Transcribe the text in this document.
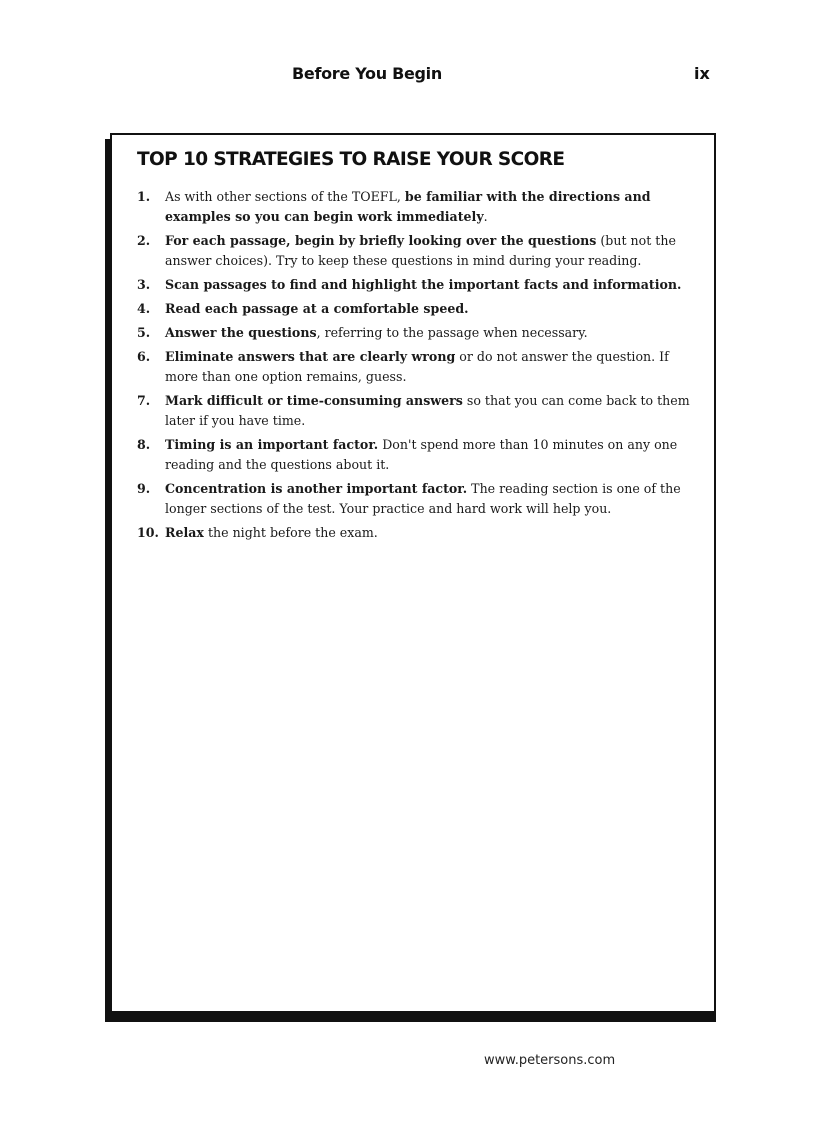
Before You Begin	ix
TOP 10 STRATEGIES TO RAISE YOUR SCORE
1.	As with other sections of the TOEFL, be familiar with the directions and examples so you can begin work immediately.
2.	For each passage, begin by briefly looking over the questions (but not the answer choices). Try to keep these questions in mind during your reading.
3.	Scan passages to find and highlight the important facts and information.
4.	Read each passage at a comfortable speed.
5.	Answer the questions, referring to the passage when necessary.
6.	Eliminate answers that are clearly wrong or do not answer the question. If more than one option remains, guess.
7.	Mark difficult or time-consuming answers so that you can come back to them later if you have time.
8.	Timing is an important factor. Don't spend more than 10 minutes on any one reading and the questions about it.
9.	Concentration is another important factor. The reading section is one of the longer sections of the test. Your practice and hard work will help you.
10. Relax the night before the exam.
www.petersons.com
